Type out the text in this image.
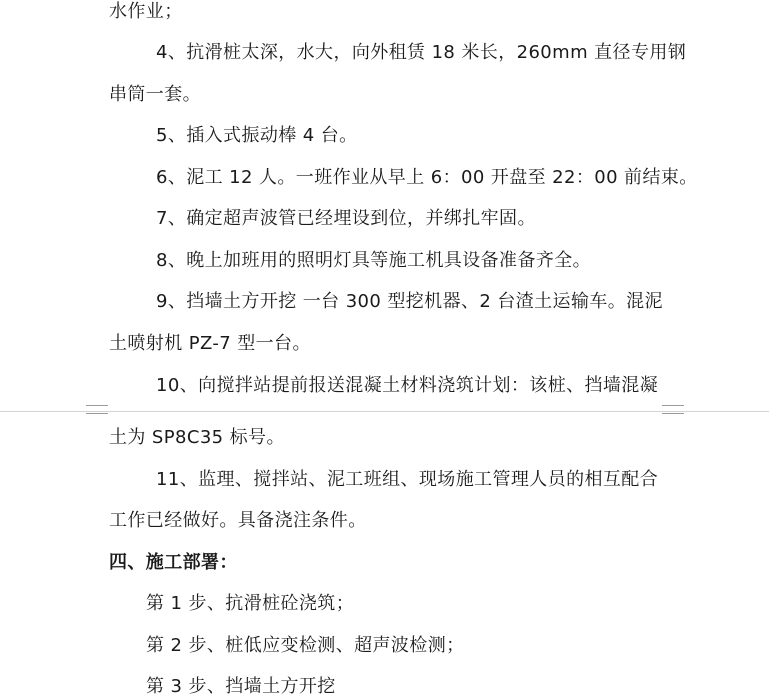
水作业；
4、抗滑桩太深，水大，向外租赁 18 米长，260mm 直径专用钢
串筒一套。
5、插入式振动棒 4 台。
6、泥工 12 人。一班作业从早上 6：00 开盘至 22：00 前结束。
7、确定超声波管已经埋设到位，并绑扎牢固。
8、晚上加班用的照明灯具等施工机具设备准备齐全。
9、挡墙土方开挖 一台 300 型挖机器、2 台渣土运输车。混泥
土喷射机 PZ-7 型一台。
10、向搅拌站提前报送混凝土材料浇筑计划：该桩、挡墙混凝
土为 SP8C35 标号。
11、监理、搅拌站、泥工班组、现场施工管理人员的相互配合
工作已经做好。具备浇注条件。
四、施工部署：
第 1 步、抗滑桩砼浇筑；
第 2 步、桩低应变检测、超声波检测；
第 3 步、挡墙土方开挖
